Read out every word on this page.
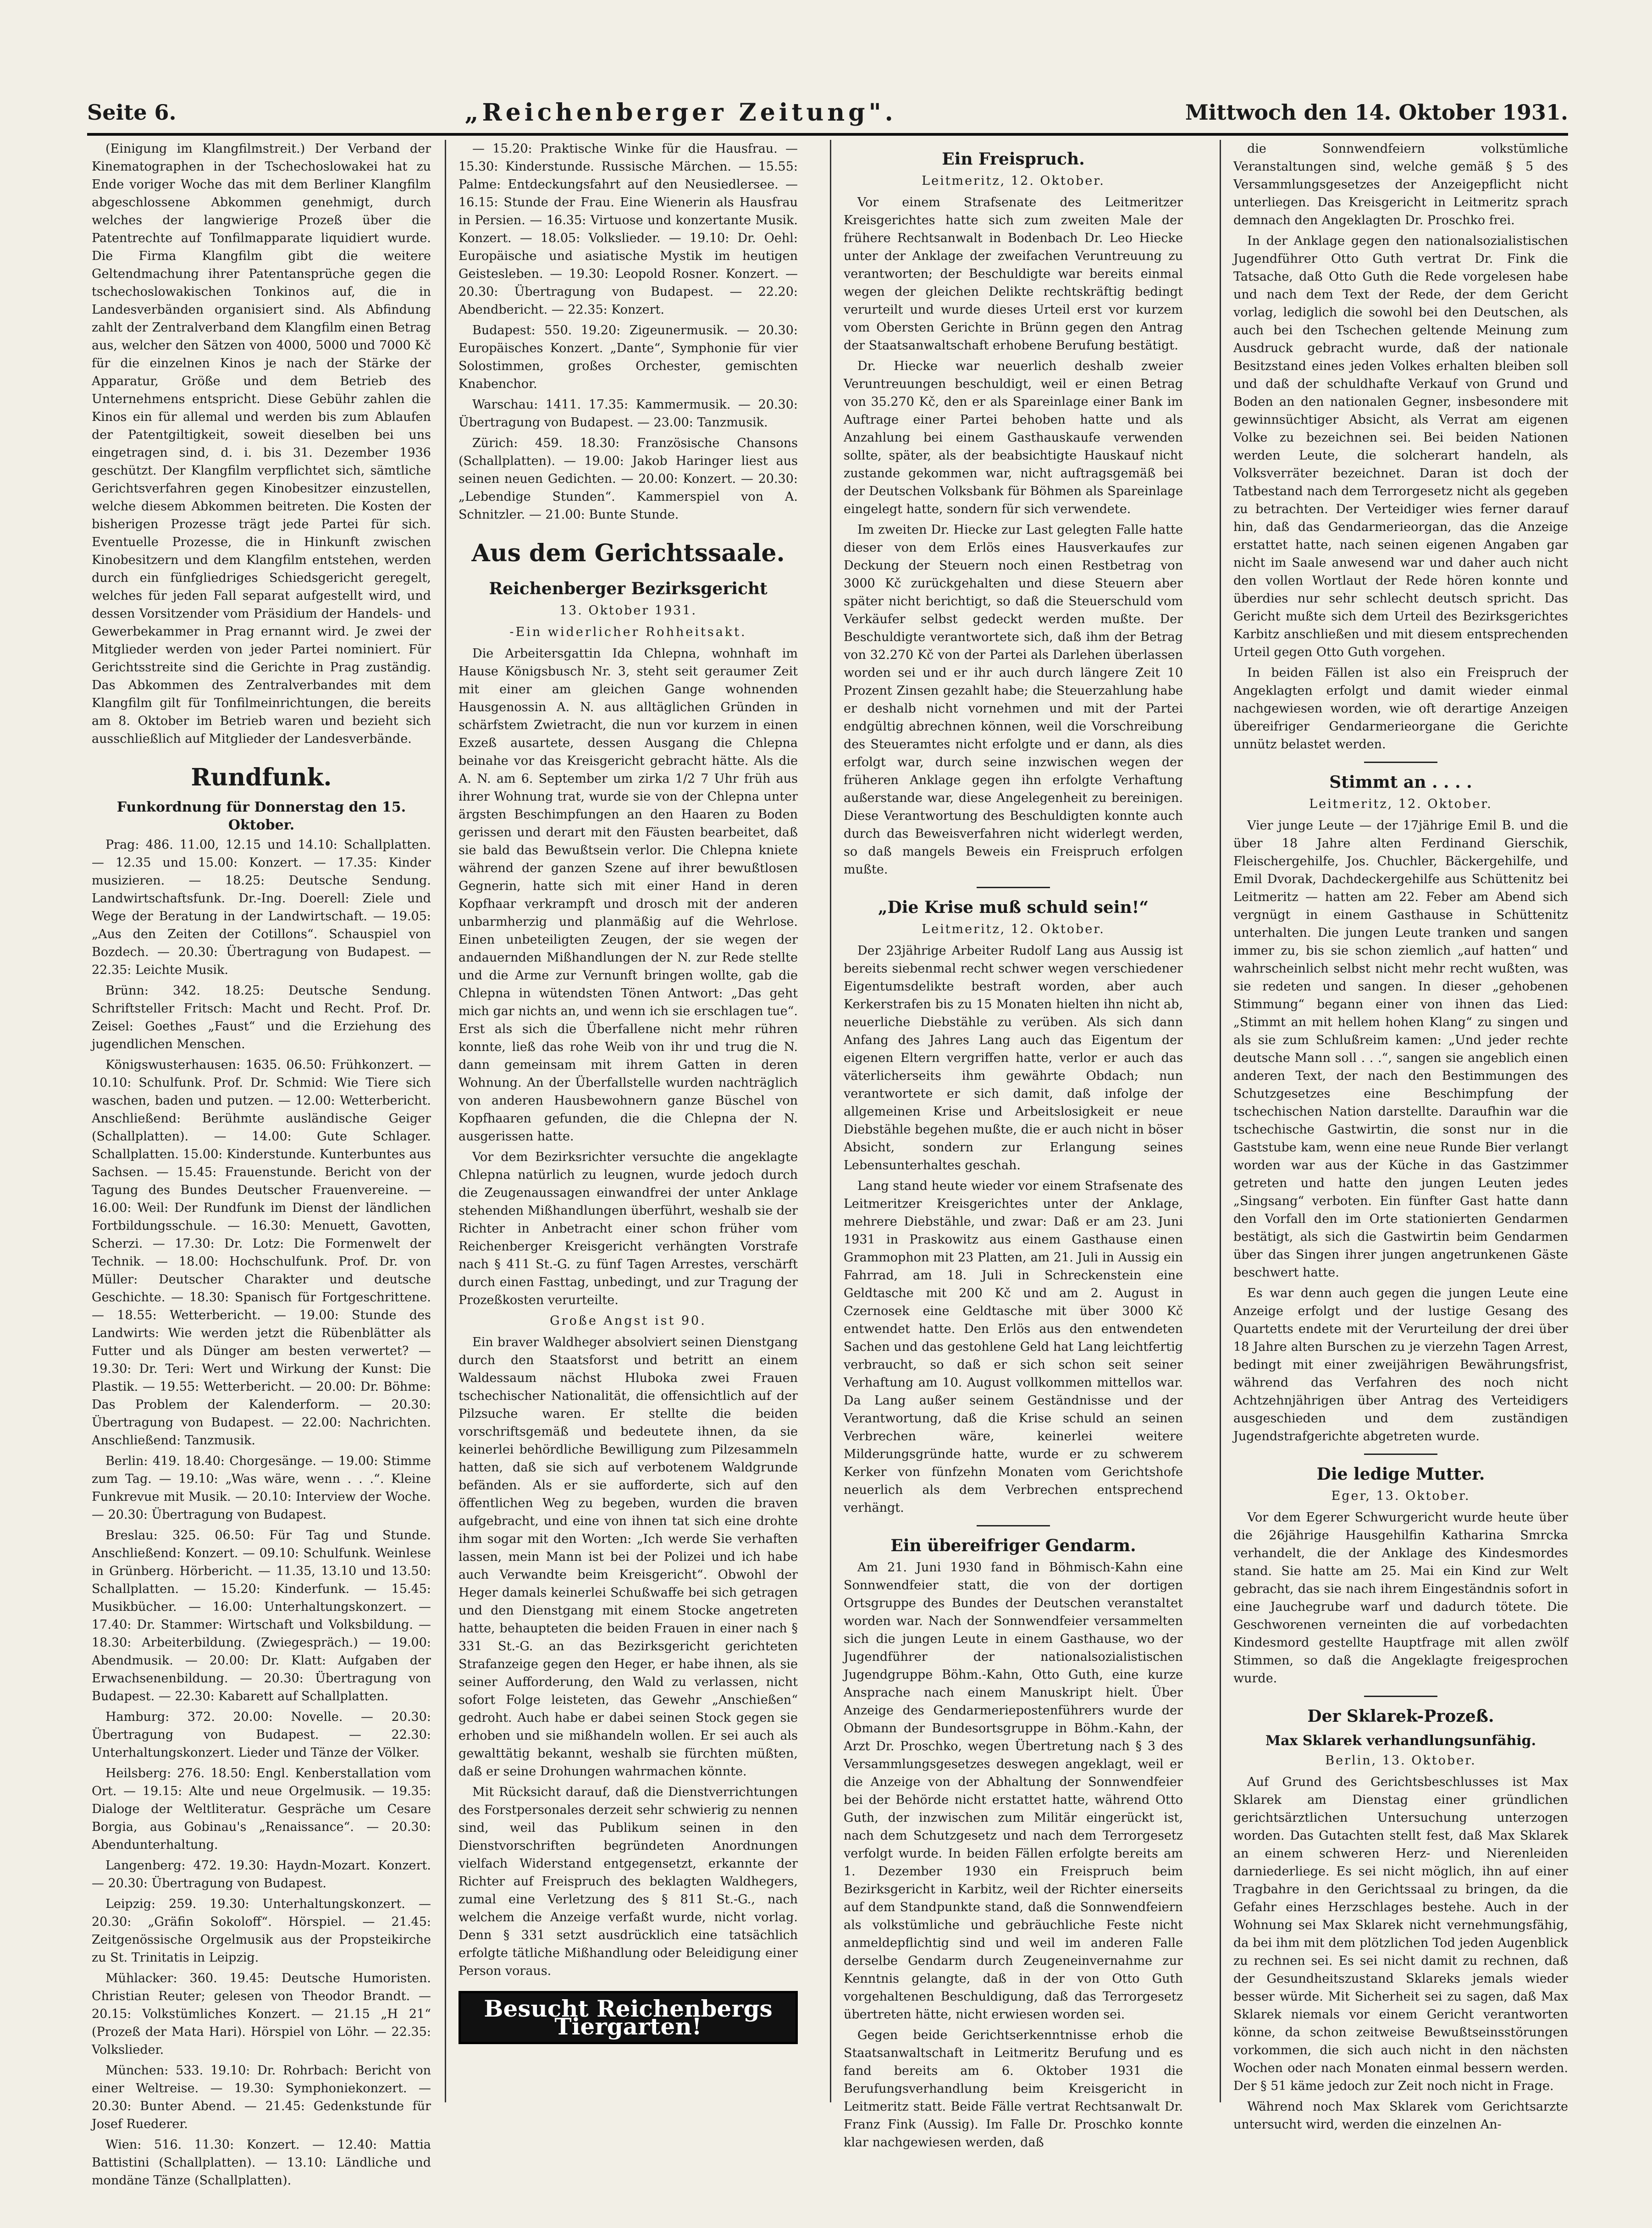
Seite 6.	„Reichenberger Zeitung".	Mittwoch den 14. Oktober 1931.

(Einigung im Klangfilmstreit.) Der Verband der Kinematographen in der Tschechoslowakei hat zu Ende voriger Woche das mit dem Berliner Klangfilm abgeschlossene Abkommen genehmigt, durch welches der langwierige Prozeß über die Patentrechte auf Tonfilmapparate liquidiert wurde. Die Firma Klangfilm gibt die weitere Geltendmachung ihrer Patentansprüche gegen die tschechoslowakischen Tonkinos auf, die in Landesverbänden organisiert sind. Als Abfindung zahlt der Zentralverband dem Klangfilm einen Betrag aus, welcher den Sätzen von 4000, 5000 und 7000 Kč für die einzelnen Kinos je nach der Stärke der Apparatur, Größe und dem Betrieb des Unternehmens entspricht. Diese Gebühr zahlen die Kinos ein für allemal und werden bis zum Ablaufen der Patentgiltigkeit, soweit dieselben bei uns eingetragen sind, d. i. bis 31. Dezember 1936 geschützt. Der Klangfilm verpflichtet sich, sämtliche Gerichtsverfahren gegen Kinobesitzer einzustellen, welche diesem Abkommen beitreten. Die Kosten der bisherigen Prozesse trägt jede Partei für sich. Eventuelle Prozesse, die in Hinkunft zwischen Kinobesitzern und dem Klangfilm entstehen, werden durch ein fünfgliedriges Schiedsgericht geregelt, welches für jeden Fall separat aufgestellt wird, und dessen Vorsitzender vom Präsidium der Handels- und Gewerbekammer in Prag ernannt wird. Je zwei der Mitglieder werden von jeder Partei nominiert. Für Gerichtsstreite sind die Gerichte in Prag zuständig. Das Abkommen des Zentralverbandes mit dem Klangfilm gilt für Tonfilmeinrichtungen, die bereits am 8. Oktober im Betrieb waren und bezieht sich ausschließlich auf Mitglieder der Landesverbände.

Rundfunk.
Funkordnung für Donnerstag den 15. Oktober.

Prag: 486. 11.00, 12.15 und 14.10: Schallplatten. — 12.35 und 15.00: Konzert. — 17.35: Kinder musizieren. — 18.25: Deutsche Sendung. Landwirtschaftsfunk. Dr.-Ing. Doerell: Ziele und Wege der Beratung in der Landwirtschaft. — 19.05: „Aus den Zeiten der Cotillons“. Schauspiel von Bozdech. — 20.30: Übertragung von Budapest. — 22.35: Leichte Musik.

Brünn: 342. 18.25: Deutsche Sendung. Schriftsteller Fritsch: Macht und Recht. Prof. Dr. Zeisel: Goethes „Faust“ und die Erziehung des jugendlichen Menschen.

Königswusterhausen: 1635. 06.50: Frühkonzert. — 10.10: Schulfunk. Prof. Dr. Schmid: Wie Tiere sich waschen, baden und putzen. — 12.00: Wetterbericht. Anschließend: Berühmte ausländische Geiger (Schallplatten). — 14.00: Gute Schlager. Schallplatten. 15.00: Kinderstunde. Kunterbuntes aus Sachsen. — 15.45: Frauenstunde. Bericht von der Tagung des Bundes Deutscher Frauenvereine. — 16.00: Weil: Der Rundfunk im Dienst der ländlichen Fortbildungsschule. — 16.30: Menuett, Gavotten, Scherzi. — 17.30: Dr. Lotz: Die Formenwelt der Technik. — 18.00: Hochschulfunk. Prof. Dr. von Müller: Deutscher Charakter und deutsche Geschichte. — 18.30: Spanisch für Fortgeschrittene. — 18.55: Wetterbericht. — 19.00: Stunde des Landwirts: Wie werden jetzt die Rübenblätter als Futter und als Dünger am besten verwertet? — 19.30: Dr. Teri: Wert und Wirkung der Kunst: Die Plastik. — 19.55: Wetterbericht. — 20.00: Dr. Böhme: Das Problem der Kalenderform. — 20.30: Übertragung von Budapest. — 22.00: Nachrichten. Anschließend: Tanzmusik.

Berlin: 419. 18.40: Chorgesänge. — 19.00: Stimme zum Tag. — 19.10: „Was wäre, wenn . . .“. Kleine Funkrevue mit Musik. — 20.10: Interview der Woche. — 20.30: Übertragung von Budapest.

Breslau: 325. 06.50: Für Tag und Stunde. Anschließend: Konzert. — 09.10: Schulfunk. Weinlese in Grünberg. Hörbericht. — 11.35, 13.10 und 13.50: Schallplatten. — 15.20: Kinderfunk. — 15.45: Musikbücher. — 16.00: Unterhaltungskonzert. — 17.40: Dr. Stammer: Wirtschaft und Volksbildung. — 18.30: Arbeiterbildung. (Zwiegespräch.) — 19.00: Abendmusik. — 20.00: Dr. Klatt: Aufgaben der Erwachsenenbildung. — 20.30: Übertragung von Budapest. — 22.30: Kabarett auf Schallplatten.

Hamburg: 372. 20.00: Novelle. — 20.30: Übertragung von Budapest. — 22.30: Unterhaltungskonzert. Lieder und Tänze der Völker.

Heilsberg: 276. 18.50: Engl. Kenberstallation vom Ort. — 19.15: Alte und neue Orgelmusik. — 19.35: Dialoge der Weltliteratur. Gespräche um Cesare Borgia, aus Gobinau's „Renaissance“. — 20.30: Abendunterhaltung.

Langenberg: 472. 19.30: Haydn-Mozart. Konzert. — 20.30: Übertragung von Budapest.

Leipzig: 259. 19.30: Unterhaltungskonzert. — 20.30: „Gräfin Sokoloff“. Hörspiel. — 21.45: Zeitgenössische Orgelmusik aus der Propsteikirche zu St. Trinitatis in Leipzig.

Mühlacker: 360. 19.45: Deutsche Humoristen. Christian Reuter; gelesen von Theodor Brandt. — 20.15: Volkstümliches Konzert. — 21.15 „H 21“ (Prozeß der Mata Hari). Hörspiel von Löhr. — 22.35: Volkslieder.

München: 533. 19.10: Dr. Rohrbach: Bericht von einer Weltreise. — 19.30: Symphoniekonzert. — 20.30: Bunter Abend. — 21.45: Gedenkstunde für Josef Ruederer.

Wien: 516. 11.30: Konzert. — 12.40: Mattia Battistini (Schallplatten). — 13.10: Ländliche und mondäne Tänze (Schallplatten).

— 15.20: Praktische Winke für die Hausfrau. — 15.30: Kinderstunde. Russische Märchen. — 15.55: Palme: Entdeckungsfahrt auf den Neusiedlersee. — 16.15: Stunde der Frau. Eine Wienerin als Hausfrau in Persien. — 16.35: Virtuose und konzertante Musik. Konzert. — 18.05: Volkslieder. — 19.10: Dr. Oehl: Europäische und asiatische Mystik im heutigen Geistesleben. — 19.30: Leopold Rosner. Konzert. — 20.30: Übertragung von Budapest. — 22.20: Abendbericht. — 22.35: Konzert.

Budapest: 550. 19.20: Zigeunermusik. — 20.30: Europäisches Konzert. „Dante“, Symphonie für vier Solostimmen, großes Orchester, gemischten Knabenchor.

Warschau: 1411. 17.35: Kammermusik. — 20.30: Übertragung von Budapest. — 23.00: Tanzmusik.

Zürich: 459. 18.30: Französische Chansons (Schallplatten). — 19.00: Jakob Haringer liest aus seinen neuen Gedichten. — 20.00: Konzert. — 20.30: „Lebendige Stunden“. Kammerspiel von A. Schnitzler. — 21.00: Bunte Stunde.

Aus dem Gerichtssaale.
Reichenberger Bezirksgericht
13. Oktober 1931.
-Ein widerlicher Rohheitsakt.

Die Arbeitersgattin Ida Chlepna, wohnhaft im Hause Königsbusch Nr. 3, steht seit geraumer Zeit mit einer am gleichen Gange wohnenden Hausgenossin A. N. aus alltäglichen Gründen in schärfstem Zwietracht, die nun vor kurzem in einen Exzeß ausartete, dessen Ausgang die Chlepna beinahe vor das Kreisgericht gebracht hätte. Als die A. N. am 6. September um zirka 1/2 7 Uhr früh aus ihrer Wohnung trat, wurde sie von der Chlepna unter ärgsten Beschimpfungen an den Haaren zu Boden gerissen und derart mit den Fäusten bearbeitet, daß sie bald das Bewußtsein verlor. Die Chlepna kniete während der ganzen Szene auf ihrer bewußtlosen Gegnerin, hatte sich mit einer Hand in deren Kopfhaar verkrampft und drosch mit der anderen unbarmherzig und planmäßig auf die Wehrlose. Einen unbeteiligten Zeugen, der sie wegen der andauernden Mißhandlungen der N. zur Rede stellte und die Arme zur Vernunft bringen wollte, gab die Chlepna in wütendsten Tönen Antwort: „Das geht mich gar nichts an, und wenn ich sie erschlagen tue“. Erst als sich die Überfallene nicht mehr rühren konnte, ließ das rohe Weib von ihr und trug die N. dann gemeinsam mit ihrem Gatten in deren Wohnung. An der Überfallstelle wurden nachträglich von anderen Hausbewohnern ganze Büschel von Kopfhaaren gefunden, die die Chlepna der N. ausgerissen hatte.

Vor dem Bezirksrichter versuchte die angeklagte Chlepna natürlich zu leugnen, wurde jedoch durch die Zeugenaussagen einwandfrei der unter Anklage stehenden Mißhandlungen überführt, weshalb sie der Richter in Anbetracht einer schon früher vom Reichenberger Kreisgericht verhängten Vorstrafe nach § 411 St.-G. zu fünf Tagen Arrestes, verschärft durch einen Fasttag, unbedingt, und zur Tragung der Prozeßkosten verurteilte.

Große Angst ist 90.

Ein braver Waldheger absolviert seinen Dienstgang durch den Staatsforst und betritt an einem Waldessaum nächst Hluboka zwei Frauen tschechischer Nationalität, die offensichtlich auf der Pilzsuche waren. Er stellte die beiden vorschriftsgemäß und bedeutete ihnen, da sie keinerlei behördliche Bewilligung zum Pilzesammeln hatten, daß sie sich auf verbotenem Waldgrunde befänden. Als er sie aufforderte, sich auf den öffentlichen Weg zu begeben, wurden die braven aufgebracht, und eine von ihnen tat sich eine drohte ihm sogar mit den Worten: „Ich werde Sie verhaften lassen, mein Mann ist bei der Polizei und ich habe auch Verwandte beim Kreisgericht“. Obwohl der Heger damals keinerlei Schußwaffe bei sich getragen und den Dienstgang mit einem Stocke angetreten hatte, behaupteten die beiden Frauen in einer nach § 331 St.-G. an das Bezirksgericht gerichteten Strafanzeige gegen den Heger, er habe ihnen, als sie seiner Aufforderung, den Wald zu verlassen, nicht sofort Folge leisteten, das Gewehr „Anschießen“ gedroht. Auch habe er dabei seinen Stock gegen sie erhoben und sie mißhandeln wollen. Er sei auch als gewalttätig bekannt, weshalb sie fürchten müßten, daß er seine Drohungen wahrmachen könnte.

Mit Rücksicht darauf, daß die Dienstverrichtungen des Forstpersonales derzeit sehr schwierig zu nennen sind, weil das Publikum seinen in den Dienstvorschriften begründeten Anordnungen vielfach Widerstand entgegensetzt, erkannte der Richter auf Freispruch des beklagten Waldhegers, zumal eine Verletzung des § 811 St.-G., nach welchem die Anzeige verfaßt wurde, nicht vorlag. Denn § 331 setzt ausdrücklich eine tatsächlich erfolgte tätliche Mißhandlung oder Beleidigung einer Person voraus.

Besucht Reichenbergs Tiergarten!
Ein Freispruch.
Leitmeritz, 12. Oktober.

Vor einem Strafsenate des Leitmeritzer Kreisgerichtes hatte sich zum zweiten Male der frühere Rechtsanwalt in Bodenbach Dr. Leo Hiecke unter der Anklage der zweifachen Veruntreuung zu verantworten; der Beschuldigte war bereits einmal wegen der gleichen Delikte rechtskräftig bedingt verurteilt und wurde dieses Urteil erst vor kurzem vom Obersten Gerichte in Brünn gegen den Antrag der Staatsanwaltschaft erhobene Berufung bestätigt.

Dr. Hiecke war neuerlich deshalb zweier Veruntreuungen beschuldigt, weil er einen Betrag von 35.270 Kč, den er als Spareinlage einer Bank im Auftrage einer Partei behoben hatte und als Anzahlung bei einem Gasthauskaufe verwenden sollte, später, als der beabsichtigte Hauskauf nicht zustande gekommen war, nicht auftragsgemäß bei der Deutschen Volksbank für Böhmen als Spareinlage eingelegt hatte, sondern für sich verwendete.

Im zweiten Dr. Hiecke zur Last gelegten Falle hatte dieser von dem Erlös eines Hausverkaufes zur Deckung der Steuern noch einen Restbetrag von 3000 Kč zurückgehalten und diese Steuern aber später nicht berichtigt, so daß die Steuerschuld vom Verkäufer selbst gedeckt werden mußte. Der Beschuldigte verantwortete sich, daß ihm der Betrag von 32.270 Kč von der Partei als Darlehen überlassen worden sei und er ihr auch durch längere Zeit 10 Prozent Zinsen gezahlt habe; die Steuerzahlung habe er deshalb nicht vornehmen und mit der Partei endgültig abrechnen können, weil die Vorschreibung des Steueramtes nicht erfolgte und er dann, als dies erfolgt war, durch seine inzwischen wegen der früheren Anklage gegen ihn erfolgte Verhaftung außerstande war, diese Angelegenheit zu bereinigen. Diese Verantwortung des Beschuldigten konnte auch durch das Beweisverfahren nicht widerlegt werden, so daß mangels Beweis ein Freispruch erfolgen mußte.

„Die Krise muß schuld sein!“
Leitmeritz, 12. Oktober.

Der 23jährige Arbeiter Rudolf Lang aus Aussig ist bereits siebenmal recht schwer wegen verschiedener Eigentumsdelikte bestraft worden, aber auch Kerkerstrafen bis zu 15 Monaten hielten ihn nicht ab, neuerliche Diebstähle zu verüben. Als sich dann Anfang des Jahres Lang auch das Eigentum der eigenen Eltern vergriffen hatte, verlor er auch das väterlicherseits ihm gewährte Obdach; nun verantwortete er sich damit, daß infolge der allgemeinen Krise und Arbeitslosigkeit er neue Diebstähle begehen mußte, die er auch nicht in böser Absicht, sondern zur Erlangung seines Lebensunterhaltes geschah.

Lang stand heute wieder vor einem Strafsenate des Leitmeritzer Kreisgerichtes unter der Anklage, mehrere Diebstähle, und zwar: Daß er am 23. Juni 1931 in Praskowitz aus einem Gasthause einen Grammophon mit 23 Platten, am 21. Juli in Aussig ein Fahrrad, am 18. Juli in Schreckenstein eine Geldtasche mit 200 Kč und am 2. August in Czernosek eine Geldtasche mit über 3000 Kč entwendet hatte. Den Erlös aus den entwendeten Sachen und das gestohlene Geld hat Lang leichtfertig verbraucht, so daß er sich schon seit seiner Verhaftung am 10. August vollkommen mittellos war. Da Lang außer seinem Geständnisse und der Verantwortung, daß die Krise schuld an seinen Verbrechen wäre, keinerlei weitere Milderungsgründe hatte, wurde er zu schwerem Kerker von fünfzehn Monaten vom Gerichtshofe neuerlich als dem Verbrechen entsprechend verhängt.

Ein übereifriger Gendarm.

Am 21. Juni 1930 fand in Böhmisch-Kahn eine Sonnwendfeier statt, die von der dortigen Ortsgruppe des Bundes der Deutschen veranstaltet worden war. Nach der Sonnwendfeier versammelten sich die jungen Leute in einem Gasthause, wo der Jugendführer der nationalsozialistischen Jugendgruppe Böhm.-Kahn, Otto Guth, eine kurze Ansprache nach einem Manuskript hielt. Über Anzeige des Gendarmeriepostenführers wurde der Obmann der Bundesortsgruppe in Böhm.-Kahn, der Arzt Dr. Proschko, wegen Übertretung nach § 3 des Versammlungsgesetzes deswegen angeklagt, weil er die Anzeige von der Abhaltung der Sonnwendfeier bei der Behörde nicht erstattet hatte, während Otto Guth, der inzwischen zum Militär eingerückt ist, nach dem Schutzgesetz und nach dem Terrorgesetz verfolgt wurde. In beiden Fällen erfolgte bereits am 1. Dezember 1930 ein Freispruch beim Bezirksgericht in Karbitz, weil der Richter einerseits auf dem Standpunkte stand, daß die Sonnwendfeiern als volkstümliche und gebräuchliche Feste nicht anmeldepflichtig sind und weil im anderen Falle derselbe Gendarm durch Zeugeneinvernahme zur Kenntnis gelangte, daß in der von Otto Guth vorgehaltenen Beschuldigung, daß das Terrorgesetz übertreten hätte, nicht erwiesen worden sei.

Gegen beide Gerichtserkenntnisse erhob die Staatsanwaltschaft in Leitmeritz Berufung und es fand bereits am 6. Oktober 1931 die Berufungsverhandlung beim Kreisgericht in Leitmeritz statt. Beide Fälle vertrat Rechtsanwalt Dr. Franz Fink (Aussig). Im Falle Dr. Proschko konnte klar nachgewiesen werden, daß

die Sonnwendfeiern volkstümliche Veranstaltungen sind, welche gemäß § 5 des Versammlungsgesetzes der Anzeigepflicht nicht unterliegen. Das Kreisgericht in Leitmeritz sprach demnach den Angeklagten Dr. Proschko frei.

In der Anklage gegen den nationalsozialistischen Jugendführer Otto Guth vertrat Dr. Fink die Tatsache, daß Otto Guth die Rede vorgelesen habe und nach dem Text der Rede, der dem Gericht vorlag, lediglich die sowohl bei den Deutschen, als auch bei den Tschechen geltende Meinung zum Ausdruck gebracht wurde, daß der nationale Besitzstand eines jeden Volkes erhalten bleiben soll und daß der schuldhafte Verkauf von Grund und Boden an den nationalen Gegner, insbesondere mit gewinnsüchtiger Absicht, als Verrat am eigenen Volke zu bezeichnen sei. Bei beiden Nationen werden Leute, die solcherart handeln, als Volksverräter bezeichnet. Daran ist doch der Tatbestand nach dem Terrorgesetz nicht als gegeben zu betrachten. Der Verteidiger wies ferner darauf hin, daß das Gendarmerieorgan, das die Anzeige erstattet hatte, nach seinen eigenen Angaben gar nicht im Saale anwesend war und daher auch nicht den vollen Wortlaut der Rede hören konnte und überdies nur sehr schlecht deutsch spricht. Das Gericht mußte sich dem Urteil des Bezirksgerichtes Karbitz anschließen und mit diesem entsprechenden Urteil gegen Otto Guth vorgehen.

In beiden Fällen ist also ein Freispruch der Angeklagten erfolgt und damit wieder einmal nachgewiesen worden, wie oft derartige Anzeigen übereifriger Gendarmerieorgane die Gerichte unnütz belastet werden.

Stimmt an . . . .
Leitmeritz, 12. Oktober.

Vier junge Leute — der 17jährige Emil B. und die über 18 Jahre alten Ferdinand Gierschik, Fleischergehilfe, Jos. Chuchler, Bäckergehilfe, und Emil Dvorak, Dachdeckergehilfe aus Schüttenitz bei Leitmeritz — hatten am 22. Feber am Abend sich vergnügt in einem Gasthause in Schüttenitz unterhalten. Die jungen Leute tranken und sangen immer zu, bis sie schon ziemlich „auf hatten“ und wahrscheinlich selbst nicht mehr recht wußten, was sie redeten und sangen. In dieser „gehobenen Stimmung“ begann einer von ihnen das Lied: „Stimmt an mit hellem hohen Klang“ zu singen und als sie zum Schlußreim kamen: „Und jeder rechte deutsche Mann soll . . .“, sangen sie angeblich einen anderen Text, der nach den Bestimmungen des Schutzgesetzes eine Beschimpfung der tschechischen Nation darstellte. Daraufhin war die tschechische Gastwirtin, die sonst nur in die Gaststube kam, wenn eine neue Runde Bier verlangt worden war aus der Küche in das Gastzimmer getreten und hatte den jungen Leuten jedes „Singsang“ verboten. Ein fünfter Gast hatte dann den Vorfall den im Orte stationierten Gendarmen bestätigt, als sich die Gastwirtin beim Gendarmen über das Singen ihrer jungen angetrunkenen Gäste beschwert hatte.

Es war denn auch gegen die jungen Leute eine Anzeige erfolgt und der lustige Gesang des Quartetts endete mit der Verurteilung der drei über 18 Jahre alten Burschen zu je vierzehn Tagen Arrest, bedingt mit einer zweijährigen Bewährungsfrist, während das Verfahren des noch nicht Achtzehnjährigen über Antrag des Verteidigers ausgeschieden und dem zuständigen Jugendstrafgerichte abgetreten wurde.

Die ledige Mutter.
Eger, 13. Oktober.

Vor dem Egerer Schwurgericht wurde heute über die 26jährige Hausgehilfin Katharina Smrcka verhandelt, die der Anklage des Kindesmordes stand. Sie hatte am 25. Mai ein Kind zur Welt gebracht, das sie nach ihrem Eingeständnis sofort in eine Jauchegrube warf und dadurch tötete. Die Geschworenen verneinten die auf vorbedachten Kindesmord gestellte Hauptfrage mit allen zwölf Stimmen, so daß die Angeklagte freigesprochen wurde.

Der Sklarek-Prozeß.
Max Sklarek verhandlungsunfähig.
Berlin, 13. Oktober.

Auf Grund des Gerichtsbeschlusses ist Max Sklarek am Dienstag einer gründlichen gerichtsärztlichen Untersuchung unterzogen worden. Das Gutachten stellt fest, daß Max Sklarek an einem schweren Herz- und Nierenleiden darniederliege. Es sei nicht möglich, ihn auf einer Tragbahre in den Gerichtssaal zu bringen, da die Gefahr eines Herzschlages bestehe. Auch in der Wohnung sei Max Sklarek nicht vernehmungsfähig, da bei ihm mit dem plötzlichen Tod jeden Augenblick zu rechnen sei. Es sei nicht damit zu rechnen, daß der Gesundheitszustand Sklareks jemals wieder besser würde. Mit Sicherheit sei zu sagen, daß Max Sklarek niemals vor einem Gericht verantworten könne, da schon zeitweise Bewußtseinsstörungen vorkommen, die sich auch nicht in den nächsten Wochen oder nach Monaten einmal bessern werden. Der § 51 käme jedoch zur Zeit noch nicht in Frage.

Während noch Max Sklarek vom Gerichtsarzte untersucht wird, werden die einzelnen An-
